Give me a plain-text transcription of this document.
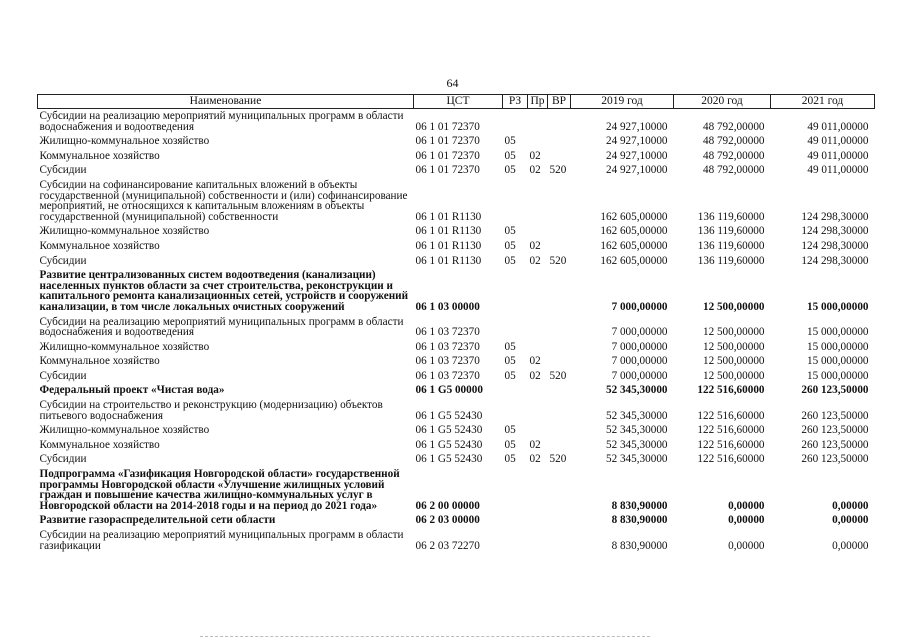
64
Наименование	ЦСТ	РЗ	Пр	ВР	2019 год	2020 год	2021 год
Субсидии на реализацию мероприятий муниципальных программ в области водоснабжения и водоотведения	06 1 01 72370				24 927,10000	48 792,00000	49 011,00000
Жилищно-коммунальное хозяйство	06 1 01 72370	05			24 927,10000	48 792,00000	49 011,00000
Коммунальное хозяйство	06 1 01 72370	05	02		24 927,10000	48 792,00000	49 011,00000
Субсидии	06 1 01 72370	05	02	520	24 927,10000	48 792,00000	49 011,00000
Субсидии на софинансирование капитальных вложений в объекты государственной (муниципальной) собственности и (или) софинансирование мероприятий, не относящихся к капитальным вложениям в объекты государственной (муниципальной) собственности	06 1 01 R1130				162 605,00000	136 119,60000	124 298,30000
Жилищно-коммунальное хозяйство	06 1 01 R1130	05			162 605,00000	136 119,60000	124 298,30000
Коммунальное хозяйство	06 1 01 R1130	05	02		162 605,00000	136 119,60000	124 298,30000
Субсидии	06 1 01 R1130	05	02	520	162 605,00000	136 119,60000	124 298,30000
Развитие централизованных систем водоотведения (канализации) населенных пунктов области за счет строительства, реконструкции и капитального ремонта канализационных сетей, устройств и сооружений канализации, в том числе локальных очистных сооружений	06 1 03 00000				7 000,00000	12 500,00000	15 000,00000
Субсидии на реализацию мероприятий муниципальных программ в области водоснабжения и водоотведения	06 1 03 72370				7 000,00000	12 500,00000	15 000,00000
Жилищно-коммунальное хозяйство	06 1 03 72370	05			7 000,00000	12 500,00000	15 000,00000
Коммунальное хозяйство	06 1 03 72370	05	02		7 000,00000	12 500,00000	15 000,00000
Субсидии	06 1 03 72370	05	02	520	7 000,00000	12 500,00000	15 000,00000
Федеральный проект «Чистая вода»	06 1 G5 00000				52 345,30000	122 516,60000	260 123,50000
Субсидии на строительство и реконструкцию (модернизацию) объектов питьевого водоснабжения	06 1 G5 52430				52 345,30000	122 516,60000	260 123,50000
Жилищно-коммунальное хозяйство	06 1 G5 52430	05			52 345,30000	122 516,60000	260 123,50000
Коммунальное хозяйство	06 1 G5 52430	05	02		52 345,30000	122 516,60000	260 123,50000
Субсидии	06 1 G5 52430	05	02	520	52 345,30000	122 516,60000	260 123,50000
Подпрограмма «Газификация Новгородской области» государственной программы Новгородской области «Улучшение жилищных условий граждан и повышение качества жилищно-коммунальных услуг в Новгородской области на 2014-2018 годы и на период до 2021 года»	06 2 00 00000				8 830,90000	0,00000	0,00000
Развитие газораспределительной сети области	06 2 03 00000				8 830,90000	0,00000	0,00000
Субсидии на реализацию мероприятий муниципальных программ в области газификации	06 2 03 72270				8 830,90000	0,00000	0,00000
